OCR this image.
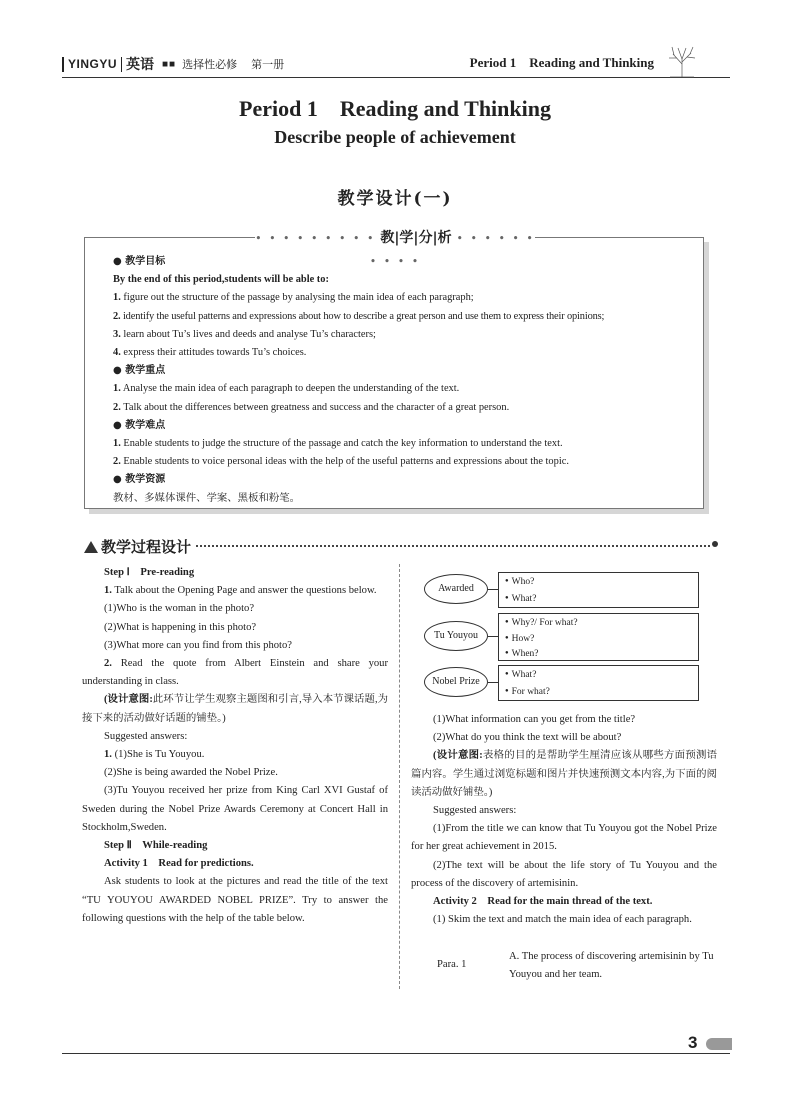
YINGYU 英语 ■■ 选择性必修 第一册	Period 1    Reading and Thinking
Period 1    Reading and Thinking
Describe people of achievement
教学设计(一)
• • • • • • • • • 教|学|分|析 • • • • • • • • • •

● 教学目标

By the end of this period,students will be able to:

1. figure out the structure of the passage by analysing the main idea of each paragraph;

2. identify the useful patterns and expressions about how to describe a great person and use them to express their opinions;

3. learn about Tu’s lives and deeds and analyse Tu’s characters;

4. express their attitudes towards Tu’s choices.

● 教学重点

1. Analyse the main idea of each paragraph to deepen the understanding of the text.

2. Talk about the differences between greatness and success and the character of a great person.

● 教学难点

1. Enable students to judge the structure of the passage and catch the key information to understand the text.

2. Enable students to voice personal ideas with the help of the useful patterns and expressions about the topic.

● 教学资源

教材、多媒体课件、学案、黑板和粉笔。

教学过程设计

Step Ⅰ    Pre-reading

1. Talk about the Opening Page and answer the questions below.

(1)Who is the woman in the photo?

(2)What is happening in this photo?

(3)What more can you find from this photo?

2. Read the quote from Albert Einstein and share your understanding in class.

(设计意图:此环节让学生观察主题图和引言,导入本节课话题,为接下来的活动做好话题的铺垫。)

Suggested answers:

1. (1)She is Tu Youyou.

(2)She is being awarded the Nobel Prize.

(3)Tu Youyou received her prize from King Carl XVI Gustaf of Sweden during the Nobel Prize Awards Ceremony at Concert Hall in Stockholm,Sweden.

Step Ⅱ    While-reading

Activity 1    Read for predictions.

Ask students to look at the pictures and read the title of the text “TU YOUYOU AWARDED NOBEL PRIZE”. Try to answer the following questions with the help of the table below.

Awarded
● Who?
● What?
Tu Youyou
● Why?/ For what?
● How?
● When?
Nobel Prize
● What?
● For what?

(1)What information can you get from the title?

(2)What do you think the text will be about?

(设计意图:表格的目的是帮助学生厘清应该从哪些方面预测语篇内容。学生通过浏览标题和图片并快速预测文本内容,为下面的阅读活动做好铺垫。)

Suggested answers:

(1)From the title we can know that Tu Youyou got the Nobel Prize for her great achievement in 2015.

(2)The text will be about the life story of Tu Youyou and the process of the discovery of artemisinin.

Activity 2    Read for the main thread of the text.

(1) Skim the text and match the main idea of each paragraph.

Para. 1
A. The process of discovering artemisinin by Tu Youyou and her team.
3
